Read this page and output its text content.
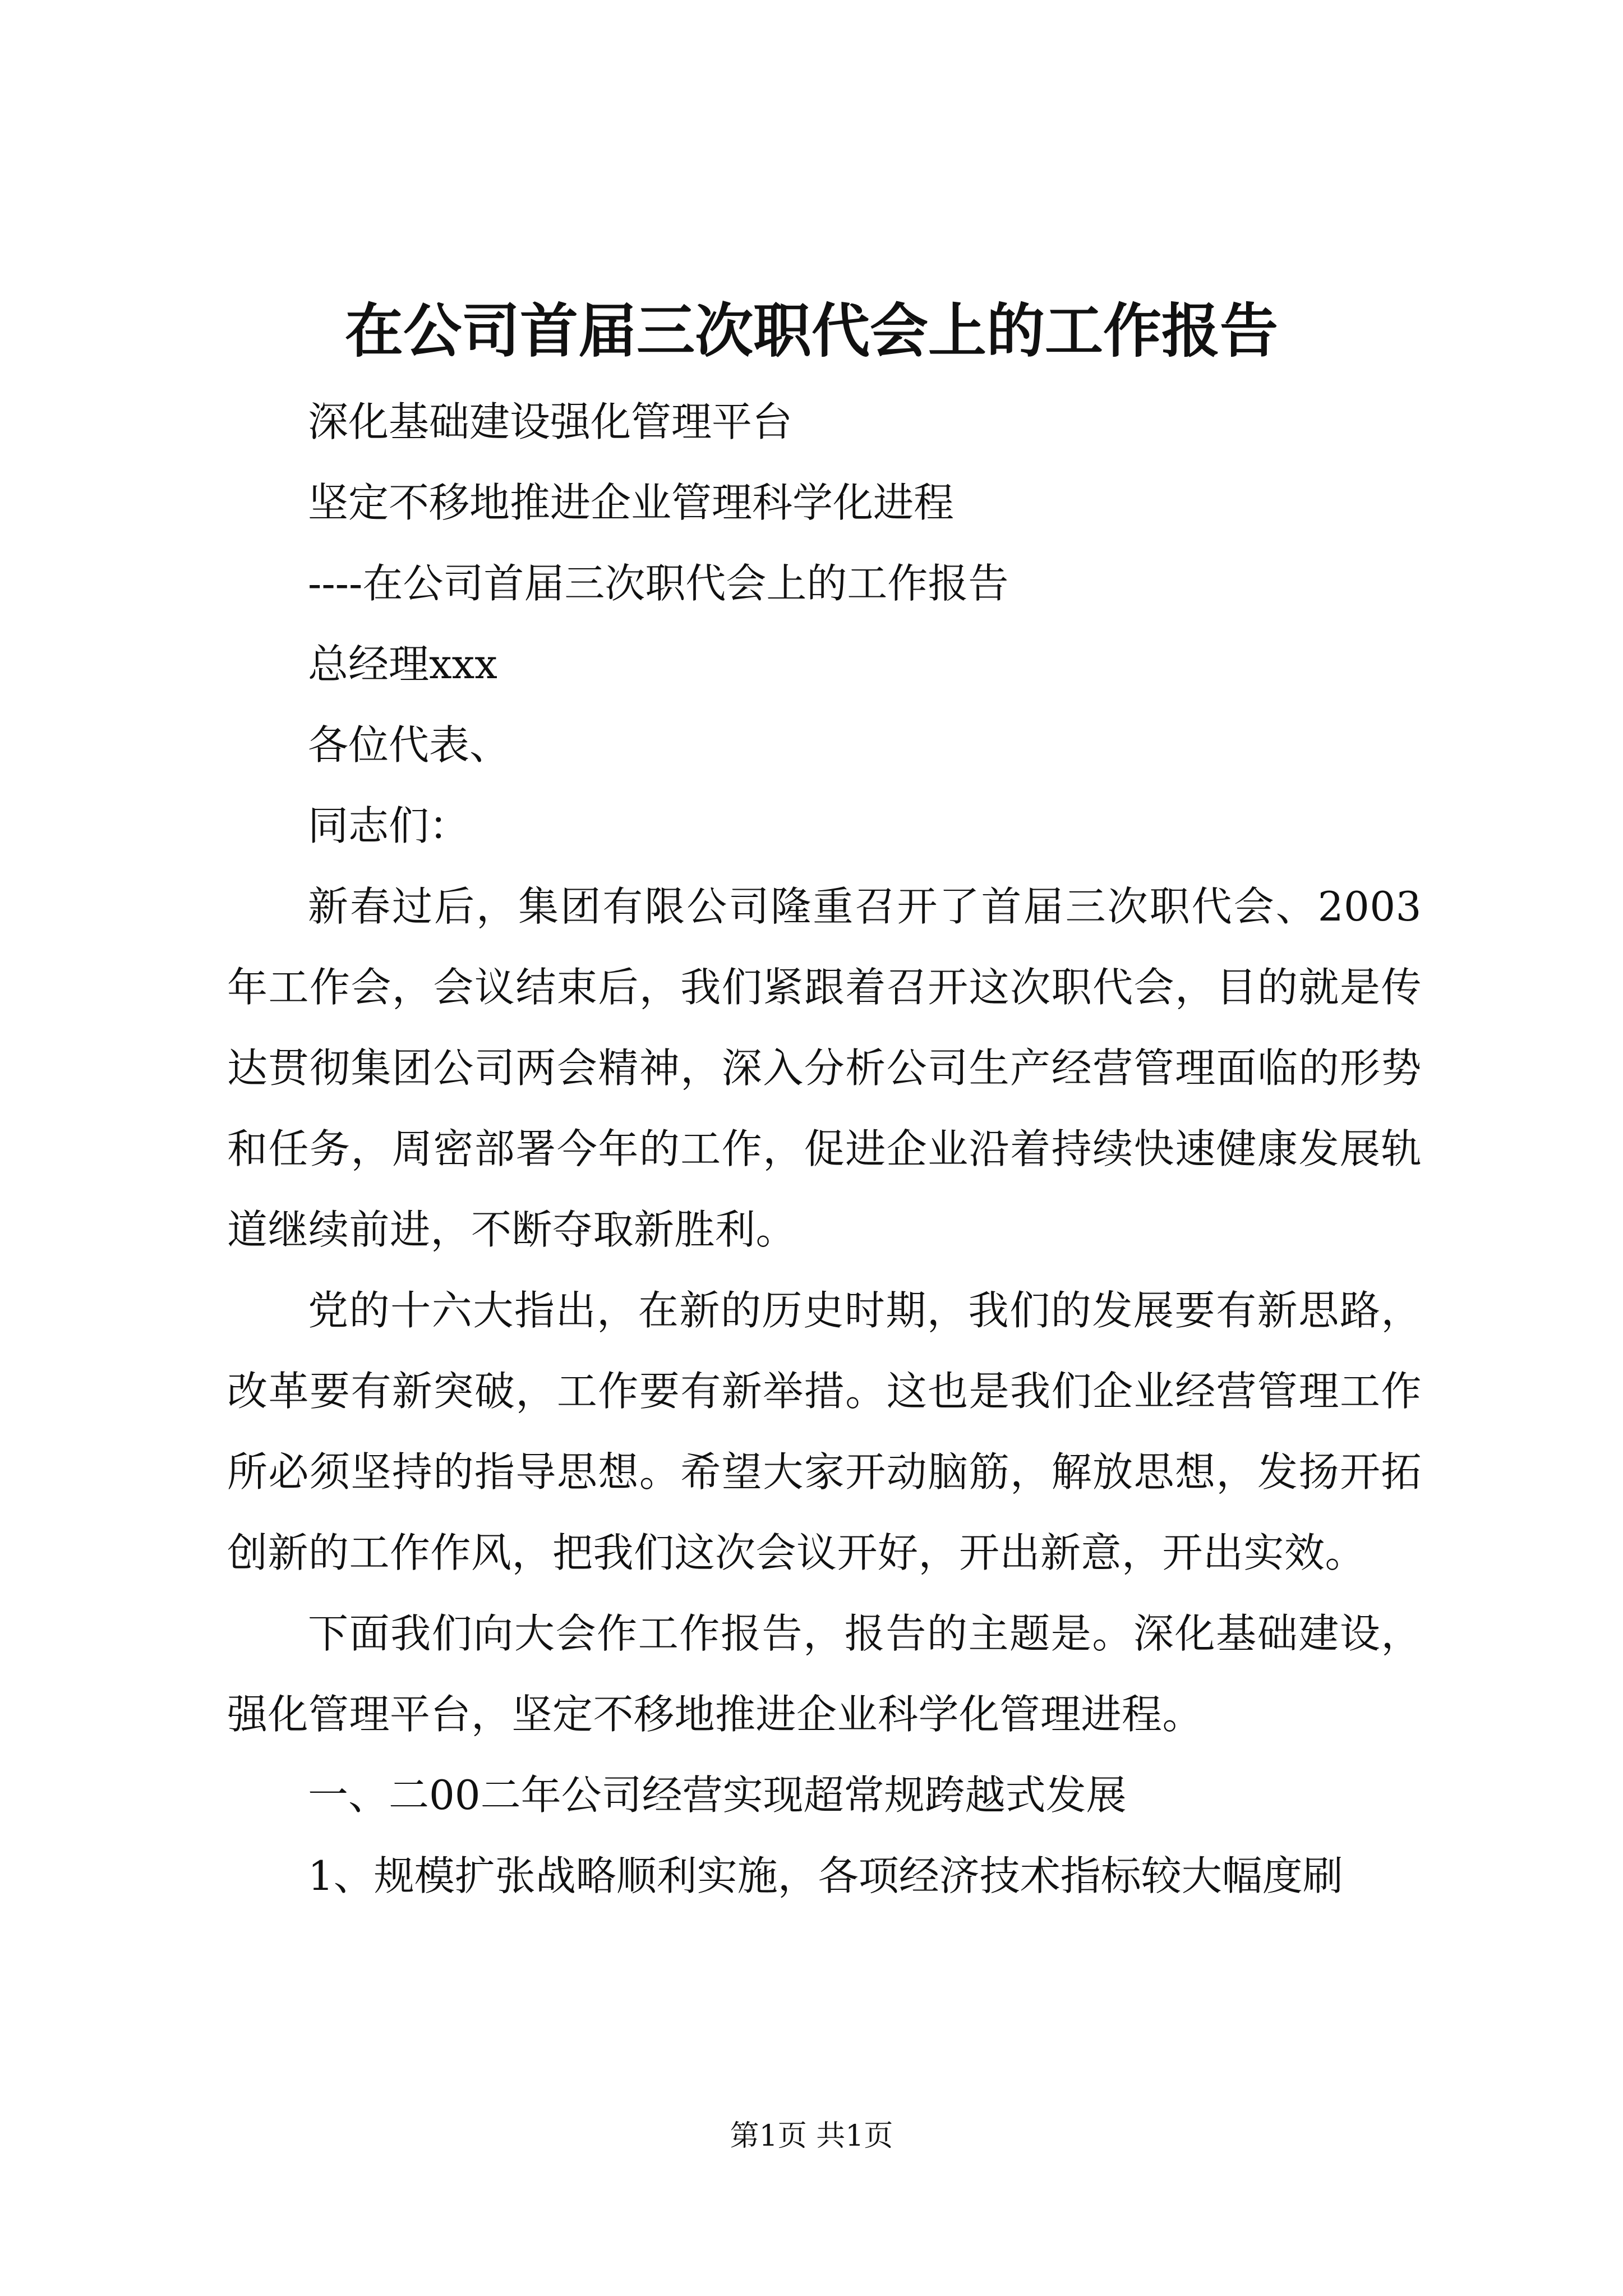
在公司首届三次职代会上的工作报告

深化基础建设强化管理平台

坚定不移地推进企业管理科学化进程

----在公司首届三次职代会上的工作报告

总经理xxx

各位代表、

同志们：

新春过后，集团有限公司隆重召开了首届三次职代会、2003年工作会，会议结束后，我们紧跟着召开这次职代会，目的就是传达贯彻集团公司两会精神，深入分析公司生产经营管理面临的形势和任务，周密部署今年的工作，促进企业沿着持续快速健康发展轨道继续前进，不断夺取新胜利。

党的十六大指出，在新的历史时期，我们的发展要有新思路，改革要有新突破，工作要有新举措。这也是我们企业经营管理工作所必须坚持的指导思想。希望大家开动脑筋，解放思想，发扬开拓创新的工作作风，把我们这次会议开好，开出新意，开出实效。

下面我们向大会作工作报告，报告的主题是。深化基础建设，强化管理平台，坚定不移地推进企业科学化管理进程。

一、二00二年公司经营实现超常规跨越式发展

1、规模扩张战略顺利实施，各项经济技术指标较大幅度刷

第1页 共1页
